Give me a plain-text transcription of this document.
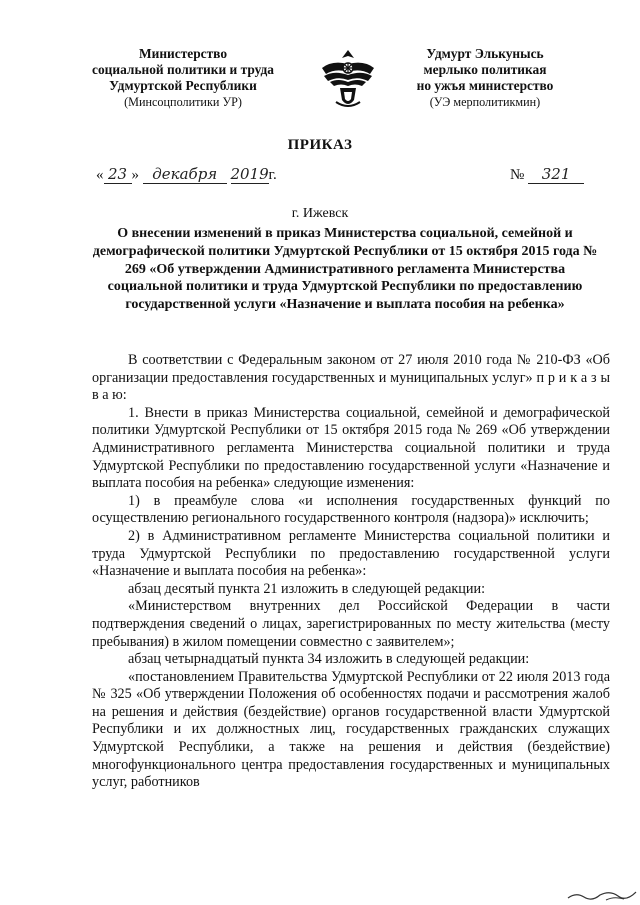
Министерство
социальной политики и труда
Удмуртской Республики
(Минсоцполитики УР)
Удмурт Элькунысь
мерлыко политикая
но ужъя министерство
(УЭ мерполитикмин)
ПРИКАЗ
« 23 » декабря 2019г.	№ 321
г. Ижевск
О внесении изменений в приказ Министерства социальной, семейной и демографической политики Удмуртской Республики от 15 октября 2015 года № 269 «Об утверждении Административного регламента Министерства социальной политики и труда Удмуртской Республики по предоставлению государственной услуги «Назначение и выплата пособия на ребенка»

В соответствии с Федеральным законом от 27 июля 2010 года № 210-ФЗ «Об организации предоставления государственных и муниципальных услуг» п р и к а з ы в а ю:

1. Внести в приказ Министерства социальной, семейной и демографической политики Удмуртской Республики от 15 октября 2015 года № 269 «Об утверждении Административного регламента Министерства социальной политики и труда Удмуртской Республики по предоставлению государственной услуги «Назначение и выплата пособия на ребенка» следующие изменения:

1) в преамбуле слова «и исполнения государственных функций по осуществлению регионального государственного контроля (надзора)» исключить;

2) в Административном регламенте Министерства социальной политики и труда Удмуртской Республики по предоставлению государственной услуги «Назначение и выплата пособия на ребенка»:

абзац десятый пункта 21 изложить в следующей редакции:

«Министерством внутренних дел Российской Федерации в части подтверждения сведений о лицах, зарегистрированных по месту жительства (месту пребывания) в жилом помещении совместно с заявителем»;

абзац четырнадцатый пункта 34 изложить в следующей редакции:

«постановлением Правительства Удмуртской Республики от 22 июля 2013 года № 325 «Об утверждении Положения об особенностях подачи и рассмотрения жалоб на решения и действия (бездействие) органов государственной власти Удмуртской Республики и их должностных лиц, государственных гражданских служащих Удмуртской Республики, а также на решения и действия (бездействие) многофункционального центра предоставления государственных и муниципальных услуг, работников
